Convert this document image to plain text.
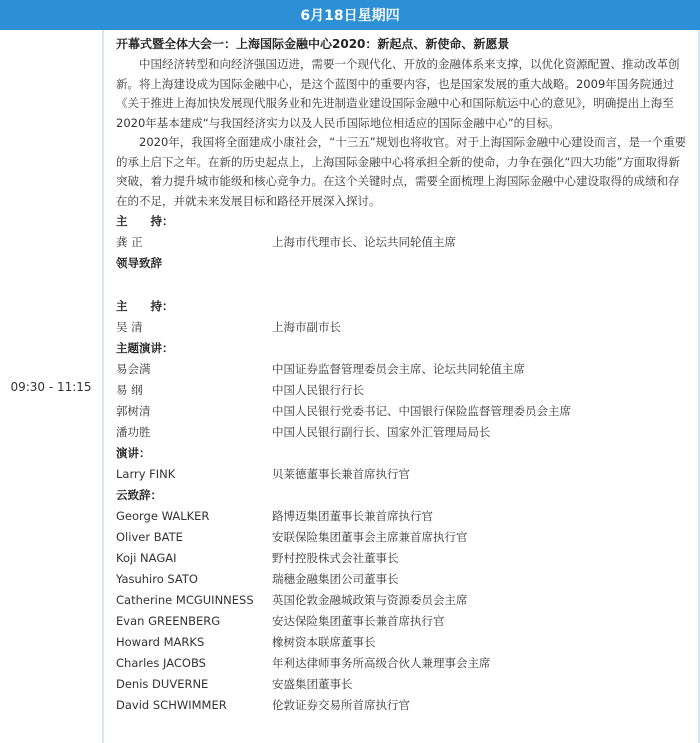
6月18日星期四
09:30 - 11:15
开幕式暨全体大会一：上海国际金融中心2020：新起点、新使命、新愿景

中国经济转型和向经济强国迈进，需要一个现代化、开放的金融体系来支撑，以优化资源配置、推动改革创新。将上海建设成为国际金融中心，是这个蓝图中的重要内容，也是国家发展的重大战略。2009年国务院通过《关于推进上海加快发展现代服务业和先进制造业建设国际金融中心和国际航运中心的意见》，明确提出上海至2020年基本建成“与我国经济实力以及人民币国际地位相适应的国际金融中心”的目标。

2020年，我国将全面建成小康社会，“十三五”规划也将收官。对于上海国际金融中心建设而言，是一个重要的承上启下之年。在新的历史起点上，上海国际金融中心将承担全新的使命，力争在强化“四大功能”方面取得新突破，着力提升城市能级和核心竞争力。在这个关键时点，需要全面梳理上海国际金融中心建设取得的成绩和存在的不足，并就未来发展目标和路径开展深入探讨。

主　　持：
龚 正	上海市代理市长、论坛共同轮值主席
领导致辞
主　　持：
吴 清	上海市副市长
主题演讲：
易会满	中国证券监督管理委员会主席、论坛共同轮值主席
易 纲	中国人民银行行长
郭树清	中国人民银行党委书记、中国银行保险监督管理委员会主席
潘功胜	中国人民银行副行长、国家外汇管理局局长
演讲：
Larry FINK	贝莱德董事长兼首席执行官
云致辞：
George WALKER	路博迈集团董事长兼首席执行官
Oliver BATE	安联保险集团董事会主席兼首席执行官
Koji NAGAI	野村控股株式会社董事长
Yasuhiro SATO	瑞穗金融集团公司董事长
Catherine MCGUINNESS	英国伦敦金融城政策与资源委员会主席
Evan GREENBERG	安达保险集团董事长兼首席执行官
Howard MARKS	橡树资本联席董事长
Charles JACOBS	年利达律师事务所高级合伙人兼理事会主席
Denis DUVERNE	安盛集团董事长
David SCHWIMMER	伦敦证券交易所首席执行官
